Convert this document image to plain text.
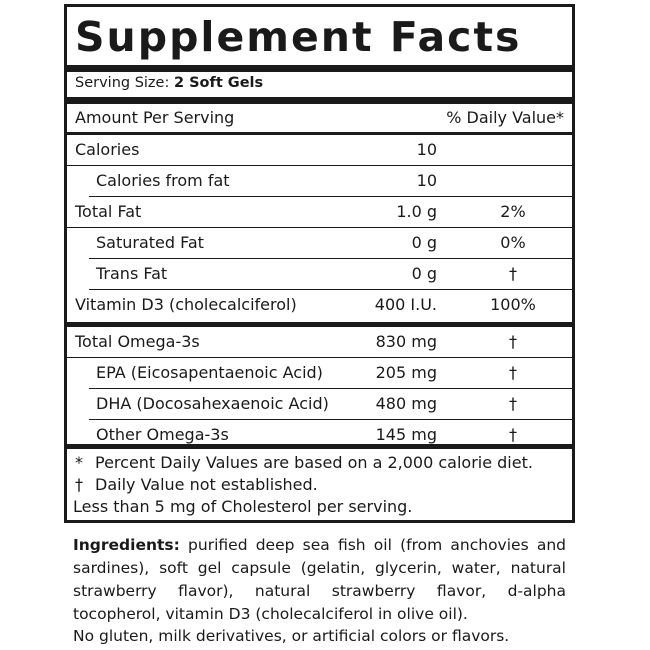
Supplement Facts
Serving Size: 2 Soft Gels
Amount Per Serving	% Daily Value*
Calories	10
Calories from fat	10
Total Fat	1.0 g	2%
Saturated Fat	0 g	0%
Trans Fat	0 g	†
Vitamin D3 (cholecalciferol)	400 I.U.	100%
Total Omega-3s	830 mg	†
EPA (Eicosapentaenoic Acid)	205 mg	†
DHA (Docosahexaenoic Acid)	480 mg	†
Other Omega-3s	145 mg	†
* Percent Daily Values are based on a 2,000 calorie diet.
† Daily Value not established.
Less than 5 mg of Cholesterol per serving.
Ingredients: purified deep sea fish oil (from anchovies and sardines), soft gel capsule (gelatin, glycerin, water, natural strawberry flavor), natural strawberry flavor, d-alpha tocopherol, vitamin D3 (cholecalciferol in olive oil).
No gluten, milk derivatives, or artificial colors or flavors.
